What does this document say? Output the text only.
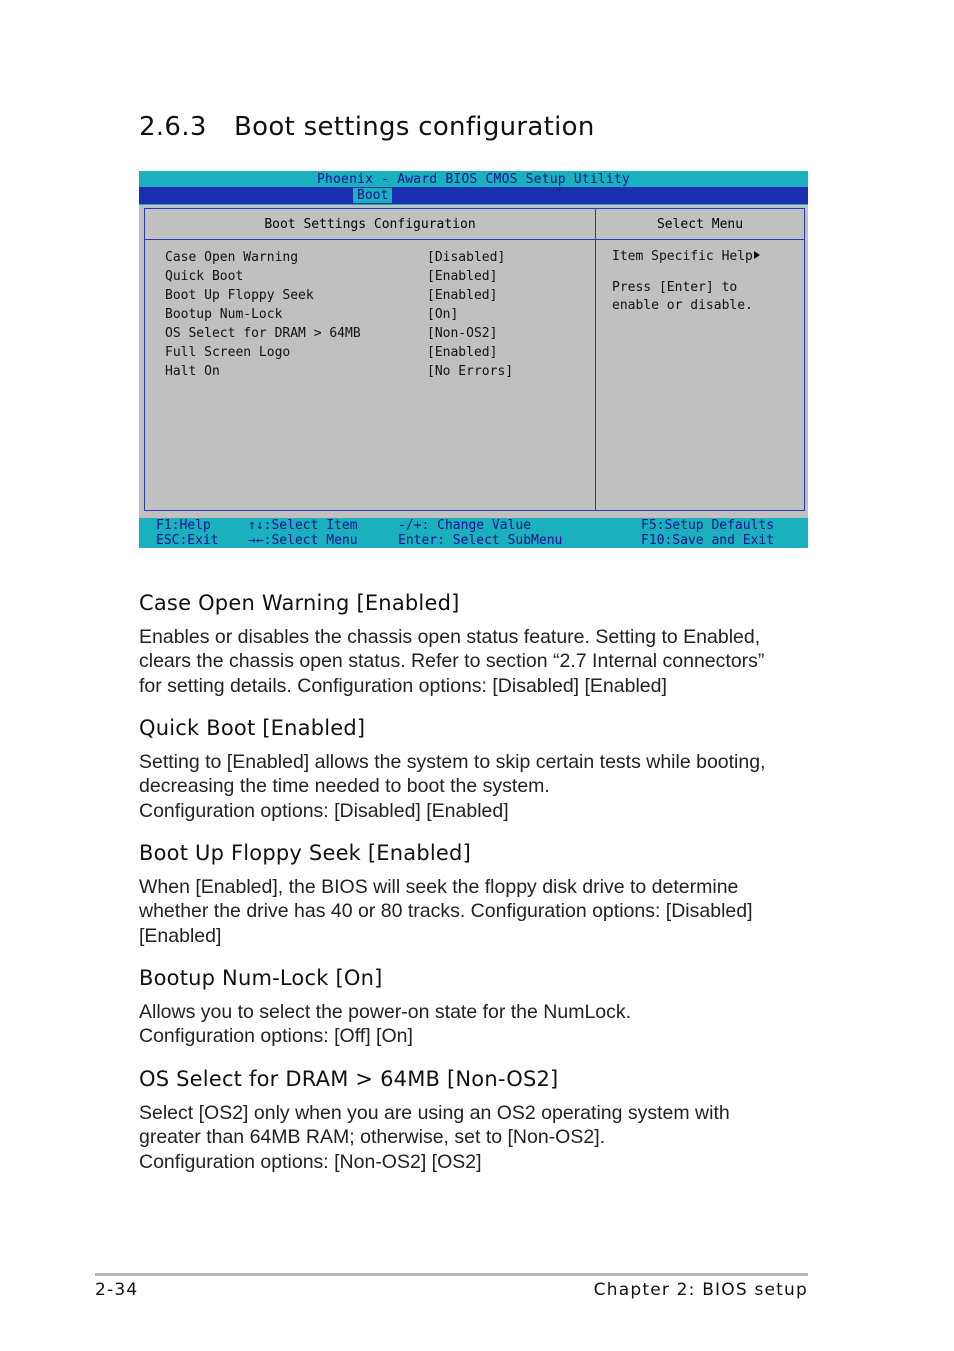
2.6.3 Boot settings configuration
Phoenix - Award BIOS CMOS Setup Utility
Boot
Boot Settings Configuration
Case Open Warning	[Disabled]
Quick Boot	[Enabled]
Boot Up Floppy Seek	[Enabled]
Bootup Num-Lock	[On]
OS Select for DRAM > 64MB	[Non-OS2]
Full Screen Logo	[Enabled]
Halt On	[No Errors]
Select Menu
Item Specific Help
Press [Enter] to
enable or disable.
F1:Help
ESC:Exit
↑↓:Select Item
→←:Select Menu
-/+: Change Value
Enter: Select SubMenu
F5:Setup Defaults
F10:Save and Exit
Case Open Warning [Enabled]

Enables or disables the chassis open status feature. Setting to Enabled,
clears the chassis open status. Refer to section “2.7 Internal connectors”
for setting details. Configuration options: [Disabled] [Enabled]

Quick Boot [Enabled]

Setting to [Enabled] allows the system to skip certain tests while booting,
decreasing the time needed to boot the system.
Configuration options: [Disabled] [Enabled]

Boot Up Floppy Seek [Enabled]

When [Enabled], the BIOS will seek the floppy disk drive to determine
whether the drive has 40 or 80 tracks. Configuration options: [Disabled]
[Enabled]

Bootup Num-Lock [On]

Allows you to select the power-on state for the NumLock.
Configuration options: [Off] [On]

OS Select for DRAM > 64MB [Non-OS2]

Select [OS2] only when you are using an OS2 operating system with
greater than 64MB RAM; otherwise, set to [Non-OS2].
Configuration options: [Non-OS2] [OS2]

2-34	Chapter 2: BIOS setup
